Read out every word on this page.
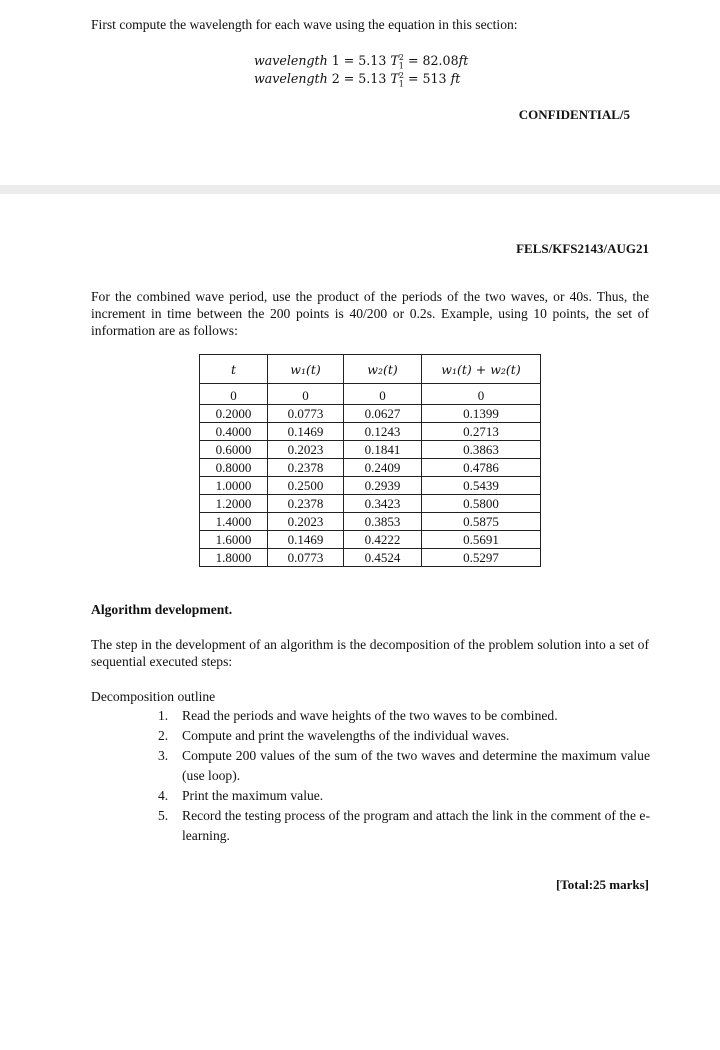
First compute the wavelength for each wave using the equation in this section:
wavelength 1 = 5.13 $T_1^2 = 82.08ft$
wavelength 2 = 5.13 $T_1^2 = 513$ ft
CONFIDENTIAL/5
FELS/KFS2143/AUG21
For the combined wave period, use the product of the periods of the two waves, or 40s. Thus, the increment in time between the 200 points is 40/200 or 0.2s. Example, using 10 points, the set of information are as follows:
t	w₁(t)	w₂(t)	w₁(t) + w₂(t)
0	0	0	0
0.2000	0.0773	0.0627	0.1399
0.4000	0.1469	0.1243	0.2713
0.6000	0.2023	0.1841	0.3863
0.8000	0.2378	0.2409	0.4786
1.0000	0.2500	0.2939	0.5439
1.2000	0.2378	0.3423	0.5800
1.4000	0.2023	0.3853	0.5875
1.6000	0.1469	0.4222	0.5691
1.8000	0.0773	0.4524	0.5297
Algorithm development.
The step in the development of an algorithm is the decomposition of the problem solution into a set of sequential executed steps:
Decomposition outline
1.	Read the periods and wave heights of the two waves to be combined.
2.	Compute and print the wavelengths of the individual waves.
3.	Compute 200 values of the sum of the two waves and determine the maximum value (use loop).
4.	Print the maximum value.
5.	Record the testing process of the program and attach the link in the comment of the e-learning.
[Total:25 marks]
